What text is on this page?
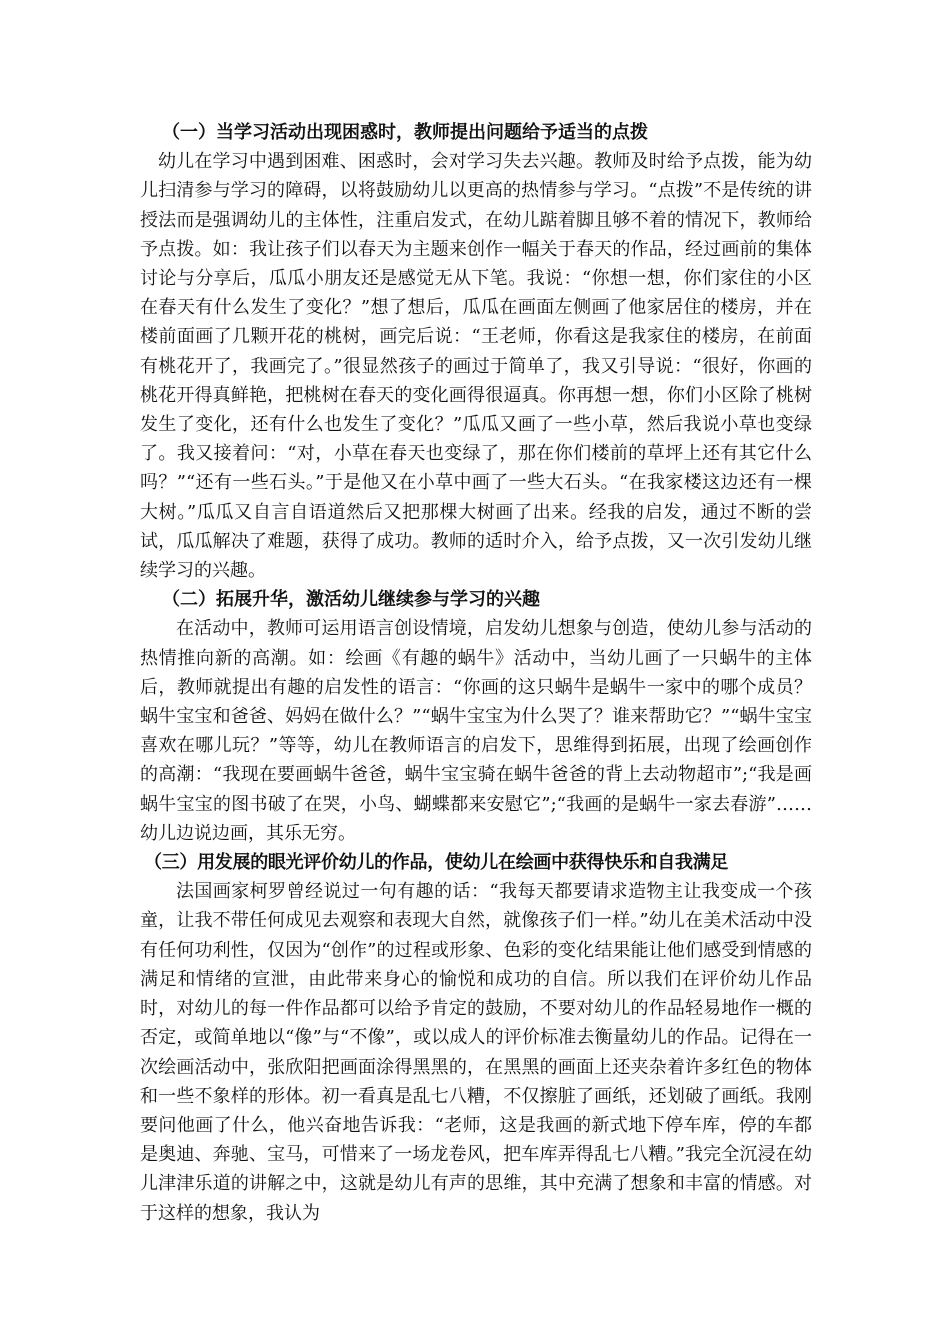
（一）当学习活动出现困惑时，教师提出问题给予适当的点拨

幼儿在学习中遇到困难、困惑时，会对学习失去兴趣。教师及时给予点拨，能为幼儿扫清参与学习的障碍，以将鼓励幼儿以更高的热情参与学习。“点拨”不是传统的讲授法而是强调幼儿的主体性，注重启发式，在幼儿踮着脚且够不着的情况下，教师给予点拨。如：我让孩子们以春天为主题来创作一幅关于春天的作品，经过画前的集体讨论与分享后，瓜瓜小朋友还是感觉无从下笔。我说：“你想一想，你们家住的小区在春天有什么发生了变化？”想了想后，瓜瓜在画面左侧画了他家居住的楼房，并在楼前面画了几颗开花的桃树，画完后说：“王老师，你看这是我家住的楼房，在前面有桃花开了，我画完了。”很显然孩子的画过于简单了，我又引导说：“很好，你画的桃花开得真鲜艳，把桃树在春天的变化画得很逼真。你再想一想，你们小区除了桃树发生了变化，还有什么也发生了变化？”瓜瓜又画了一些小草，然后我说小草也变绿了。我又接着问：“对，小草在春天也变绿了，那在你们楼前的草坪上还有其它什么吗？”“还有一些石头。”于是他又在小草中画了一些大石头。“在我家楼这边还有一棵大树。”瓜瓜又自言自语道然后又把那棵大树画了出来。经我的启发，通过不断的尝试，瓜瓜解决了难题，获得了成功。教师的适时介入，给予点拨，又一次引发幼儿继续学习的兴趣。

（二）拓展升华，激活幼儿继续参与学习的兴趣

在活动中，教师可运用语言创设情境，启发幼儿想象与创造，使幼儿参与活动的热情推向新的高潮。如：绘画《有趣的蜗牛》活动中，当幼儿画了一只蜗牛的主体后，教师就提出有趣的启发性的语言：“你画的这只蜗牛是蜗牛一家中的哪个成员？蜗牛宝宝和爸爸、妈妈在做什么？”“蜗牛宝宝为什么哭了？谁来帮助它？”“蜗牛宝宝喜欢在哪儿玩？”等等，幼儿在教师语言的启发下，思维得到拓展，出现了绘画创作的高潮：“我现在要画蜗牛爸爸，蜗牛宝宝骑在蜗牛爸爸的背上去动物超市”;“我是画蜗牛宝宝的图书破了在哭，小鸟、蝴蝶都来安慰它”;“我画的是蜗牛一家去春游”……幼儿边说边画，其乐无穷。

（三）用发展的眼光评价幼儿的作品，使幼儿在绘画中获得快乐和自我满足

法国画家柯罗曾经说过一句有趣的话：“我每天都要请求造物主让我变成一个孩童，让我不带任何成见去观察和表现大自然，就像孩子们一样。”幼儿在美术活动中没有任何功利性，仅因为“创作”的过程或形象、色彩的变化结果能让他们感受到情感的满足和情绪的宣泄，由此带来身心的愉悦和成功的自信。所以我们在评价幼儿作品时，对幼儿的每一件作品都可以给予肯定的鼓励，不要对幼儿的作品轻易地作一概的否定，或简单地以“像”与“不像”，或以成人的评价标准去衡量幼儿的作品。记得在一次绘画活动中，张欣阳把画面涂得黑黑的，在黑黑的画面上还夹杂着许多红色的物体和一些不象样的形体。初一看真是乱七八糟，不仅擦脏了画纸，还划破了画纸。我刚要问他画了什么，他兴奋地告诉我：“老师，这是我画的新式地下停车库，停的车都是奥迪、奔驰、宝马，可惜来了一场龙卷风，把车库弄得乱七八糟。”我完全沉浸在幼儿津津乐道的讲解之中，这就是幼儿有声的思维，其中充满了想象和丰富的情感。对于这样的想象，我认为
